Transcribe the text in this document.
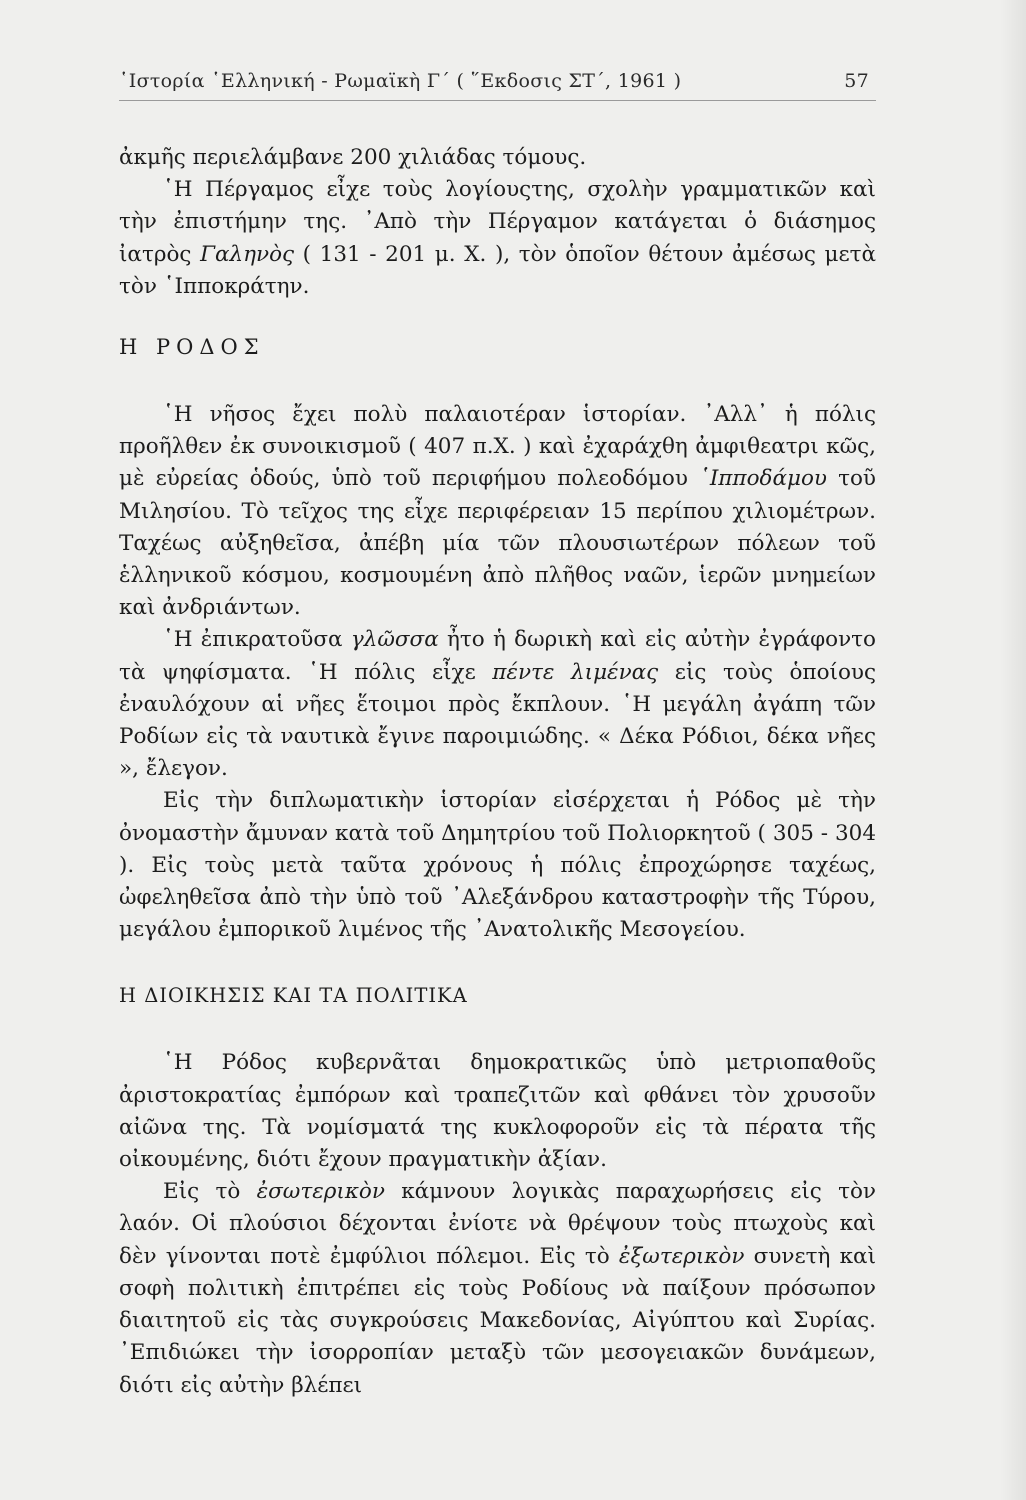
῾Ιστορία ῾Ελληνική - Ρωμαϊκὴ Γ΄ ( ῞Εκδοσις ΣΤ΄, 1961 )	57

ἀκμῆς περιελάμβανε 200 χιλιάδας τόμους.

῾Η Πέργαμος εἶχε τοὺς λογίουςτης, σχολὴν γραμματικῶν καὶ τὴν ἐπιστήμην της. ᾿Απὸ τὴν Πέργαμον κατάγεται ὁ διάσημος ἰατρὸς Γαληνὸς ( 131 - 201 μ. Χ. ), τὸν ὁποῖον θέτουν ἀμέσως μετὰ τὸν ῾Ιπποκράτην.

Η ΡΟΔΟΣ

῾Η νῆσος ἔχει πολὺ παλαιοτέραν ἱστορίαν. ᾿Αλλ᾿ ἡ πόλις προῆλθεν ἐκ συνοικισμοῦ ( 407 π.Χ. ) καὶ ἐχαράχθη ἀμφιθεατρι κῶς, μὲ εὐρείας ὁδούς, ὑπὸ τοῦ περιφήμου πολεοδόμου ῾Ιπποδάμου τοῦ Μιλησίου. Τὸ τεῖχος της εἶχε περιφέρειαν 15 περίπου χιλιομέτρων. Ταχέως αὐξηθεῖσα, ἀπέβη μία τῶν πλουσιωτέρων πόλεων τοῦ ἑλληνικοῦ κόσμου, κοσμουμένη ἀπὸ πλῆθος ναῶν, ἱερῶν μνημείων καὶ ἀνδριάντων.

῾Η ἐπικρατοῦσα γλῶσσα ἦτο ἡ δωρικὴ καὶ εἰς αὐτὴν ἐγράφοντο τὰ ψηφίσματα. ῾Η πόλις εἶχε πέντε λιμένας εἰς τοὺς ὁποίους ἐναυλόχουν αἱ νῆες ἕτοιμοι πρὸς ἔκπλουν. ῾Η μεγάλη ἀγάπη τῶν Ροδίων εἰς τὰ ναυτικὰ ἔγινε παροιμιώδης. « Δέκα Ρόδιοι, δέκα νῆες », ἔλεγον.

Εἰς τὴν διπλωματικὴν ἱστορίαν εἰσέρχεται ἡ Ρόδος μὲ τὴν ὀνομαστὴν ἄμυναν κατὰ τοῦ Δημητρίου τοῦ Πολιορκητοῦ ( 305 - 304 ). Εἰς τοὺς μετὰ ταῦτα χρόνους ἡ πόλις ἐπροχώρησε ταχέως, ὠφεληθεῖσα ἀπὸ τὴν ὑπὸ τοῦ ᾿Αλεξάνδρου καταστροφὴν τῆς Τύρου, μεγάλου ἐμπορικοῦ λιμένος τῆς ᾿Ανατολικῆς Μεσογείου.

Η ΔΙΟΙΚΗΣΙΣ ΚΑΙ ΤΑ ΠΟΛΙΤΙΚΑ

῾Η Ρόδος κυβερνᾶται δημοκρατικῶς ὑπὸ μετριοπαθοῦς ἀριστοκρατίας ἐμπόρων καὶ τραπεζιτῶν καὶ φθάνει τὸν χρυσοῦν αἰῶνα της. Τὰ νομίσματά της κυκλοφοροῦν εἰς τὰ πέρατα τῆς οἰκουμένης, διότι ἔχουν πραγματικὴν ἀξίαν.

Εἰς τὸ ἐσωτερικὸν κάμνουν λογικὰς παραχωρήσεις εἰς τὸν λαόν. Οἱ πλούσιοι δέχονται ἐνίοτε νὰ θρέψουν τοὺς πτωχοὺς καὶ δὲν γίνονται ποτὲ ἐμφύλιοι πόλεμοι. Εἰς τὸ ἐξωτερικὸν συνετὴ καὶ σοφὴ πολιτικὴ ἐπιτρέπει εἰς τοὺς Ροδίους νὰ παίξουν πρόσωπον διαιτητοῦ εἰς τὰς συγκρούσεις Μακεδονίας, Αἰγύπτου καὶ Συρίας. ᾿Επιδιώκει τὴν ἰσορροπίαν μεταξὺ τῶν μεσογειακῶν δυνάμεων, διότι εἰς αὐτὴν βλέπει
